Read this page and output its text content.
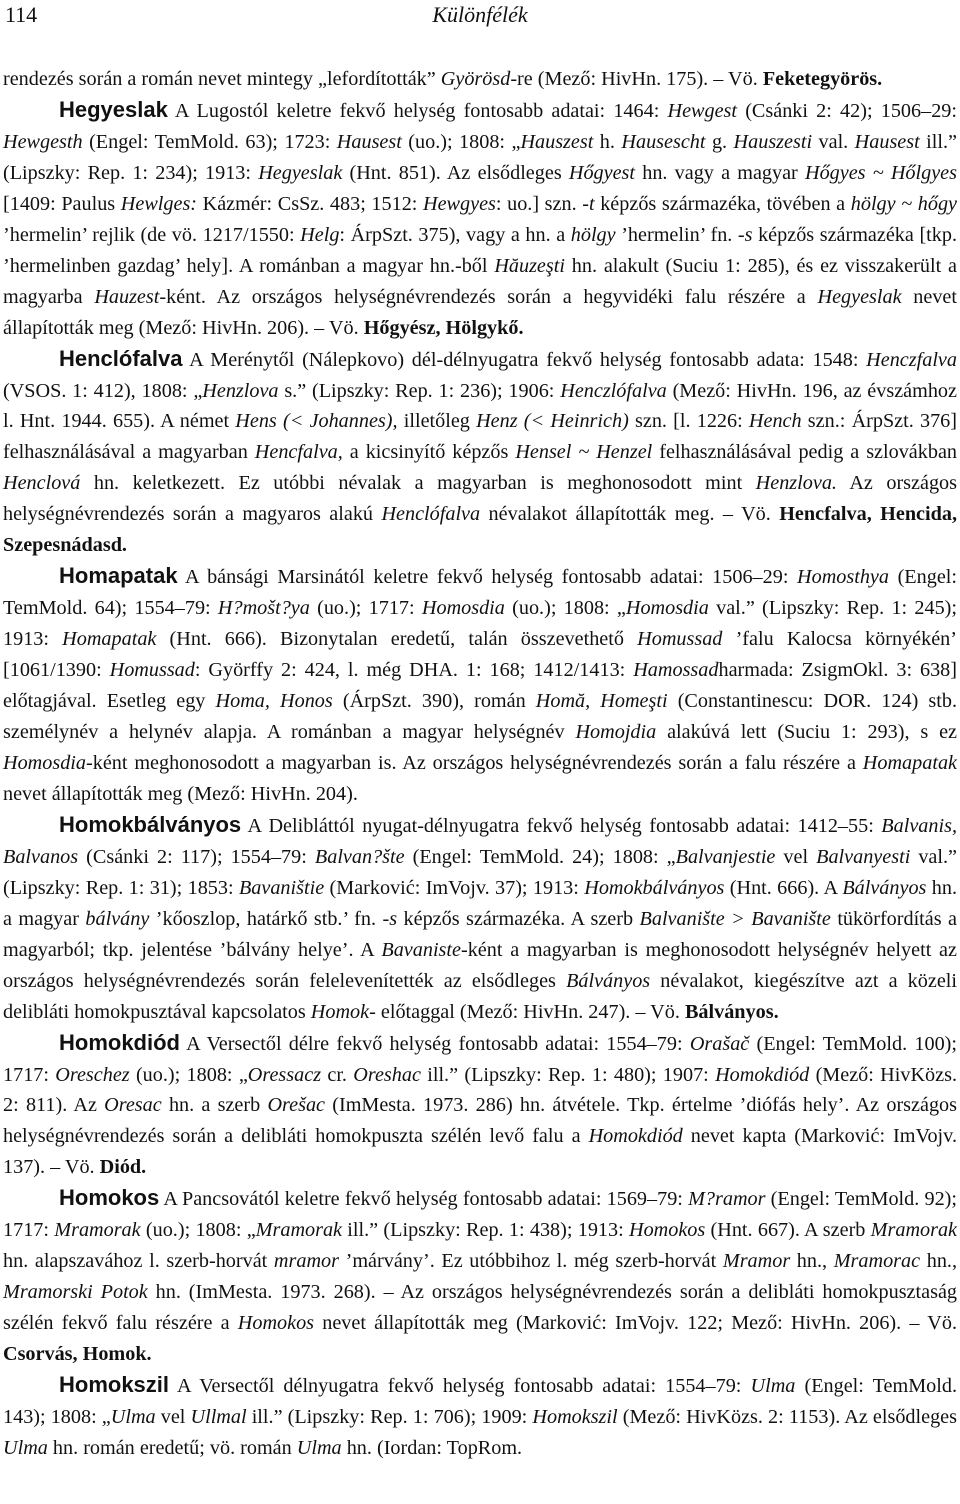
114	Különfélék

rendezés során a román nevet mintegy „lefordították” Györösd-re (Mező: HivHn. 175). – Vö. Feketegyörös.

Hegyeslak A Lugostól keletre fekvő helység fontosabb adatai: 1464: Hewgest (Csánki 2: 42); 1506–29: Hewgesth (Engel: TemMold. 63); 1723: Hausest (uo.); 1808: „Hauszest h. Hausescht g. Hauszesti val. Hausest ill.” (Lipszky: Rep. 1: 234); 1913: Hegyeslak (Hnt. 851). Az elsődleges Hőgyest hn. vagy a magyar Hőgyes ~ Hőlgyes [1409: Paulus Hewlges: Kázmér: CsSz. 483; 1512: Hewgyes: uo.] szn. -t képzős származéka, tövében a hölgy ~ hőgy ’hermelin’ rejlik (de vö. 1217/1550: Helg: ÁrpSzt. 375), vagy a hn. a hölgy ’hermelin’ fn. -s képzős származéka [tkp. ’hermelinben gazdag’ hely]. A románban a magyar hn.-ből Hăuzeşti hn. alakult (Suciu 1: 285), és ez visszakerült a magyarba Hauzest-ként. Az országos helységnévrendezés során a hegyvidéki falu részére a Hegyeslak nevet állapították meg (Mező: HivHn. 206). – Vö. Hőgyész, Hölgykő.

Henclófalva A Merénytől (Nálepkovo) dél-délnyugatra fekvő helység fontosabb adata: 1548: Henczfalva (VSOS. 1: 412), 1808: „Henzlova s.” (Lipszky: Rep. 1: 236); 1906: Henczlófalva (Mező: HivHn. 196, az évszámhoz l. Hnt. 1944. 655). A német Hens (< Johannes), illetőleg Henz (< Heinrich) szn. [l. 1226: Hench szn.: ÁrpSzt. 376] felhasználásával a magyarban Hencfalva, a kicsinyítő képzős Hensel ~ Henzel felhasználásával pedig a szlovákban Henclová hn. keletkezett. Ez utóbbi névalak a magyarban is meghonosodott mint Henzlova. Az országos helységnévrendezés során a magyaros alakú Henclófalva névalakot állapították meg. – Vö. Hencfalva, Hencida, Szepesnádasd.

Homapatak A bánsági Marsinától keletre fekvő helység fontosabb adatai: 1506–29: Homosthya (Engel: TemMold. 64); 1554–79: H?mošt?ya (uo.); 1717: Homosdia (uo.); 1808: „Homosdia val.” (Lipszky: Rep. 1: 245); 1913: Homapatak (Hnt. 666). Bizonytalan eredetű, talán összevethető Homussad ’falu Kalocsa környékén’ [1061/1390: Homussad: Györffy 2: 424, l. még DHA. 1: 168; 1412/1413: Hamossadharmada: ZsigmOkl. 3: 638] előtagjával. Esetleg egy Homa, Honos (ÁrpSzt. 390), román Homă, Homeşti (Constantinescu: DOR. 124) stb. személynév a helynév alapja. A románban a magyar helységnév Homojdia alakúvá lett (Suciu 1: 293), s ez Homosdia-ként meghonosodott a magyarban is. Az országos helységnévrendezés során a falu részére a Homapatak nevet állapították meg (Mező: HivHn. 204).

Homokbálványos A Delibláttól nyugat-délnyugatra fekvő helység fontosabb adatai: 1412–55: Balvanis, Balvanos (Csánki 2: 117); 1554–79: Balvan?šte (Engel: TemMold. 24); 1808: „Balvanjestie vel Balvanyesti val.” (Lipszky: Rep. 1: 31); 1853: Bavaništie (Marković: ImVojv. 37); 1913: Homokbálványos (Hnt. 666). A Bálványos hn. a magyar bálvány ’kőoszlop, határkő stb.’ fn. -s képzős származéka. A szerb Balvanište > Bavanište tükörfordítás a magyarból; tkp. jelentése ’bálvány helye’. A Bavaniste-ként a magyarban is meghonosodott helységnév helyett az országos helységnévrendezés során felelevenítették az elsődleges Bálványos névalakot, kiegészítve azt a közeli delibláti homokpusztával kapcsolatos Homok- előtaggal (Mező: HivHn. 247). – Vö. Bálványos.

Homokdiód A Versectől délre fekvő helység fontosabb adatai: 1554–79: Orašač (Engel: TemMold. 100); 1717: Oreschez (uo.); 1808: „Oressacz cr. Oreshac ill.” (Lipszky: Rep. 1: 480); 1907: Homokdiód (Mező: HivKözs. 2: 811). Az Oresac hn. a szerb Orešac (ImMesta. 1973. 286) hn. átvétele. Tkp. értelme ’diófás hely’. Az országos helységnévrendezés során a delibláti homokpuszta szélén levő falu a Homokdiód nevet kapta (Marković: ImVojv. 137). – Vö. Diód.

Homokos A Pancsovától keletre fekvő helység fontosabb adatai: 1569–79: M?ramor (Engel: TemMold. 92); 1717: Mramorak (uo.); 1808: „Mramorak ill.” (Lipszky: Rep. 1: 438); 1913: Homokos (Hnt. 667). A szerb Mramorak hn. alapszavához l. szerb-horvát mramor ’márvány’. Ez utóbbihoz l. még szerb-horvát Mramor hn., Mramorac hn., Mramorski Potok hn. (ImMesta. 1973. 268). – Az országos helységnévrendezés során a delibláti homokpusztaság szélén fekvő falu részére a Homokos nevet állapították meg (Marković: ImVojv. 122; Mező: HivHn. 206). – Vö. Csorvás, Homok.

Homokszil A Versectől délnyugatra fekvő helység fontosabb adatai: 1554–79: Ulma (Engel: TemMold. 143); 1808: „Ulma vel Ullmal ill.” (Lipszky: Rep. 1: 706); 1909: Homokszil (Mező: HivKözs. 2: 1153). Az elsődleges Ulma hn. román eredetű; vö. román Ulma hn. (Iordan: TopRom.
